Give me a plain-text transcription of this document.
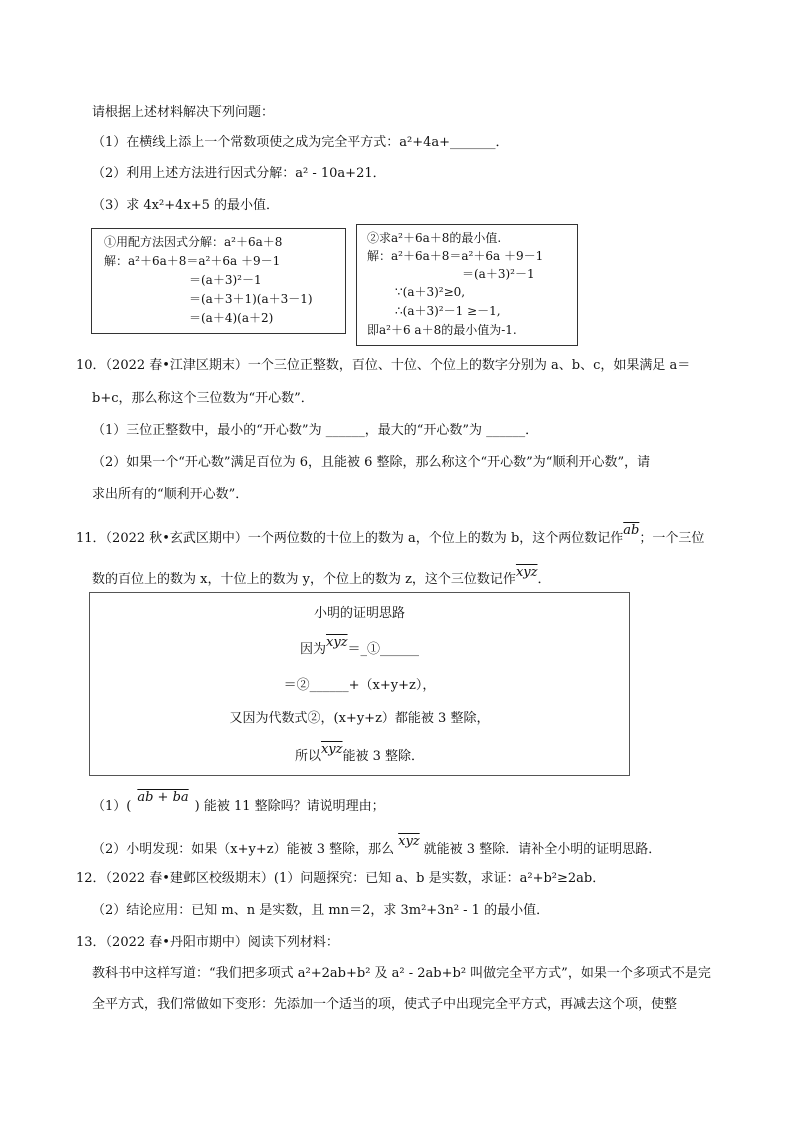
请根据上述材料解决下列问题：
（1）在横线上添上一个常数项使之成为完全平方式：a²+4a+_______．
（2）利用上述方法进行因式分解：a² - 10a+21．
（3）求 4x²+4x+5 的最小值．
①用配方法因式分解：a²＋6a＋8
解：a²＋6a＋8＝a²＋6a ＋9－1
＝(a＋3)²－1
＝(a＋3＋1)(a＋3－1)
＝(a＋4)(a＋2)
②求a²＋6a＋8的最小值.
解：a²＋6a＋8＝a²＋6a ＋9－1
＝(a＋3)²－1
∵(a＋3)²≥0,
∴(a＋3)²－1 ≥－1,
即a²＋6 a＋8的最小值为-1.
10．（2022 春•江津区期末）一个三位正整数，百位、十位、个位上的数字分别为 a、b、c，如果满足 a＝
b+c，那么称这个三位数为“开心数”．
（1）三位正整数中，最小的“开心数”为 ______，最大的“开心数”为 ______．
（2）如果一个“开心数”满足百位为 6，且能被 6 整除，那么称这个“开心数”为“顺利开心数”，请
求出所有的“顺利开心数”．
11．（2022 秋•玄武区期中）一个两位数的十位上的数为 a，个位上的数为 b，这个两位数记作$\overline{ab}$；一个三位
数的百位上的数为 x，十位上的数为 y，个位上的数为 z，这个三位数记作$\overline{xyz}$．
小明的证明思路
因为$\overline{xyz}=\_①\_\_\_\_\_\_$
＝②______+（x+y+z），
又因为代数式②，(x+y+z）都能被 3 整除，
所以$\overline{xyz}$能被 3 整除．
（1）(ab + ba) 能被 11 整除吗？请说明理由；
（2）小明发现：如果（x+y+z）能被 3 整除，那么$\overline{xyz}$就能被 3 整除．请补全小明的证明思路．
12．（2022 春•建邺区校级期末）(1）问题探究：已知 a、b 是实数，求证：a²+b²≥2ab．
（2）结论应用：已知 m、n 是实数，且 mn＝2，求 3m²+3n² - 1 的最小值．
13．（2022 春•丹阳市期中）阅读下列材料：
教科书中这样写道：“我们把多项式 a²+2ab+b² 及 a² - 2ab+b² 叫做完全平方式”，如果一个多项式不是完
全平方式，我们常做如下变形：先添加一个适当的项，使式子中出现完全平方式，再减去这个项，使整
